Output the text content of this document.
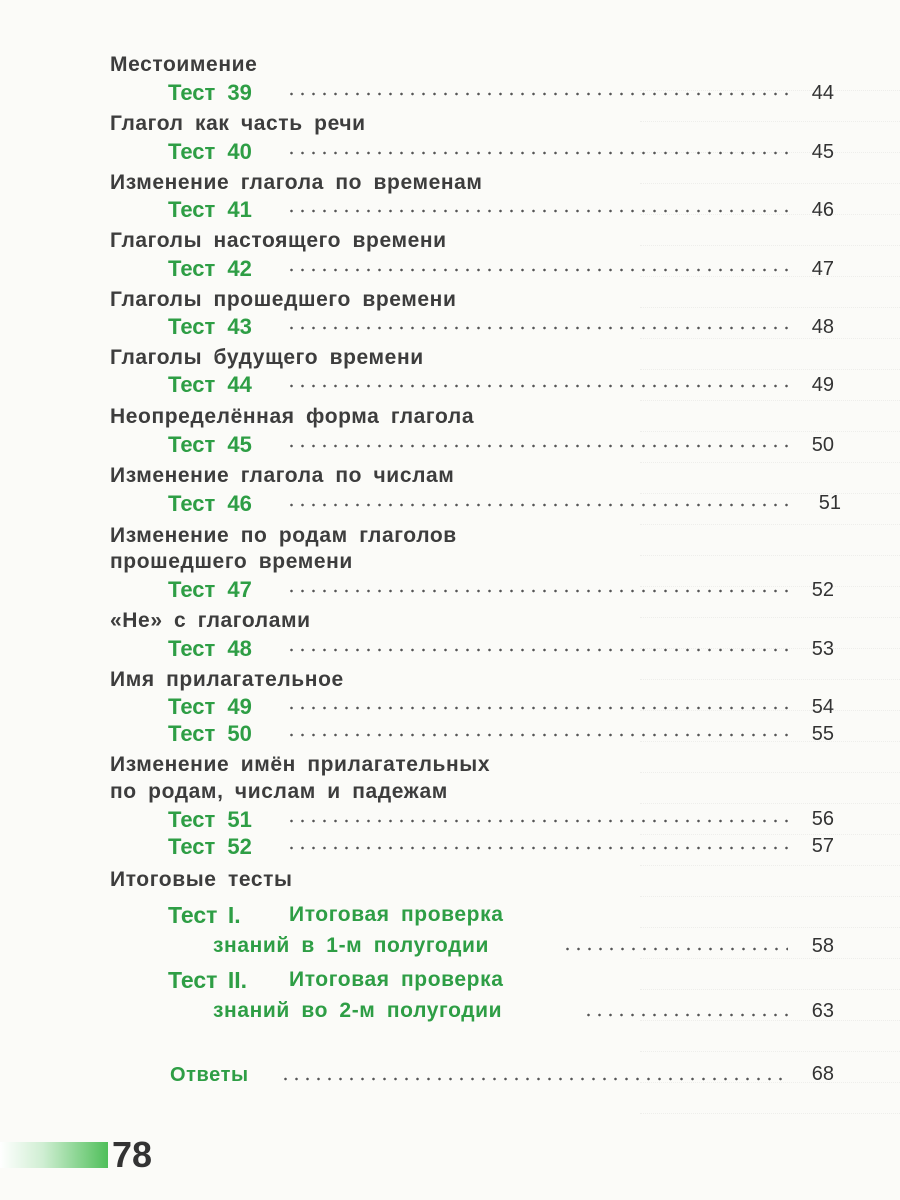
Местоимение
Тест 39	44
Глагол как часть речи
Тест 40	45
Изменение глагола по временам
Тест 41	46
Глаголы настоящего времени
Тест 42	47
Глаголы прошедшего времени
Тест 43	48
Глаголы будущего времени
Тест 44	49
Неопределённая форма глагола
Тест 45	50
Изменение глагола по числам
Тест 46	51
Изменение по родам глаголов
прошедшего времени
Тест 47	52
«Не» с глаголами
Тест 48	53
Имя прилагательное
Тест 49	54
Тест 50	55
Изменение имён прилагательных
по родам, числам и падежам
Тест 51	56
Тест 52	57
Итоговые тесты
Тест I. Итоговая проверка
знаний в 1-м полугодии	58
Тест II. Итоговая проверка
знаний во 2-м полугодии	63
Ответы	68
78
